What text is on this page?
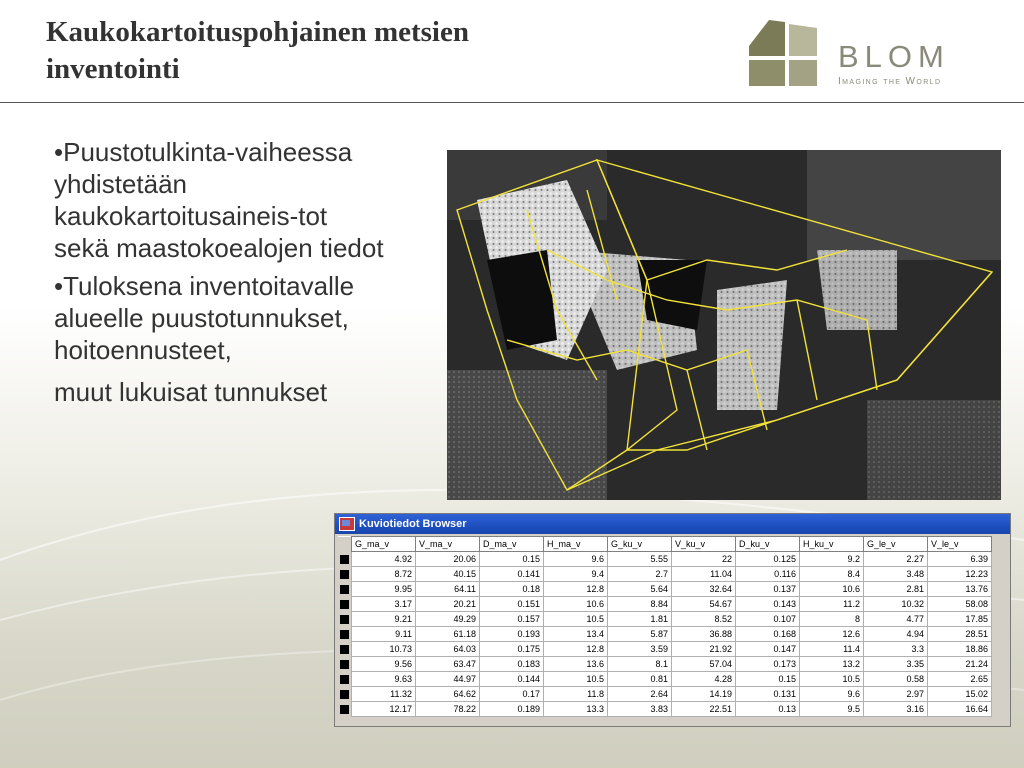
Kaukokartoituspohjainen metsien
inventointi	BLOM
Imaging the World

•Puustotulkinta-vaiheessa yhdistetään kaukokartoitusaineis-tot sekä maastokoealojen tiedot

•Tuloksena inventoitavalle alueelle puustotunnukset, hoitoennusteet,

muut lukuisat tunnukset

Kuviotiedot Browser
	G_ma_v	V_ma_v	D_ma_v	H_ma_v	G_ku_v	V_ku_v	D_ku_v	H_ku_v	G_le_v	V_le_v

	4.92	20.06	0.15	9.6	5.55	22	0.125	9.2	2.27	6.39

	8.72	40.15	0.141	9.4	2.7	11.04	0.116	8.4	3.48	12.23

	9.95	64.11	0.18	12.8	5.64	32.64	0.137	10.6	2.81	13.76

	3.17	20.21	0.151	10.6	8.84	54.67	0.143	11.2	10.32	58.08

	9.21	49.29	0.157	10.5	1.81	8.52	0.107	8	4.77	17.85

	9.11	61.18	0.193	13.4	5.87	36.88	0.168	12.6	4.94	28.51

	10.73	64.03	0.175	12.8	3.59	21.92	0.147	11.4	3.3	18.86

	9.56	63.47	0.183	13.6	8.1	57.04	0.173	13.2	3.35	21.24

	9.63	44.97	0.144	10.5	0.81	4.28	0.15	10.5	0.58	2.65

	11.32	64.62	0.17	11.8	2.64	14.19	0.131	9.6	2.97	15.02

	12.17	78.22	0.189	13.3	3.83	22.51	0.13	9.5	3.16	16.64
